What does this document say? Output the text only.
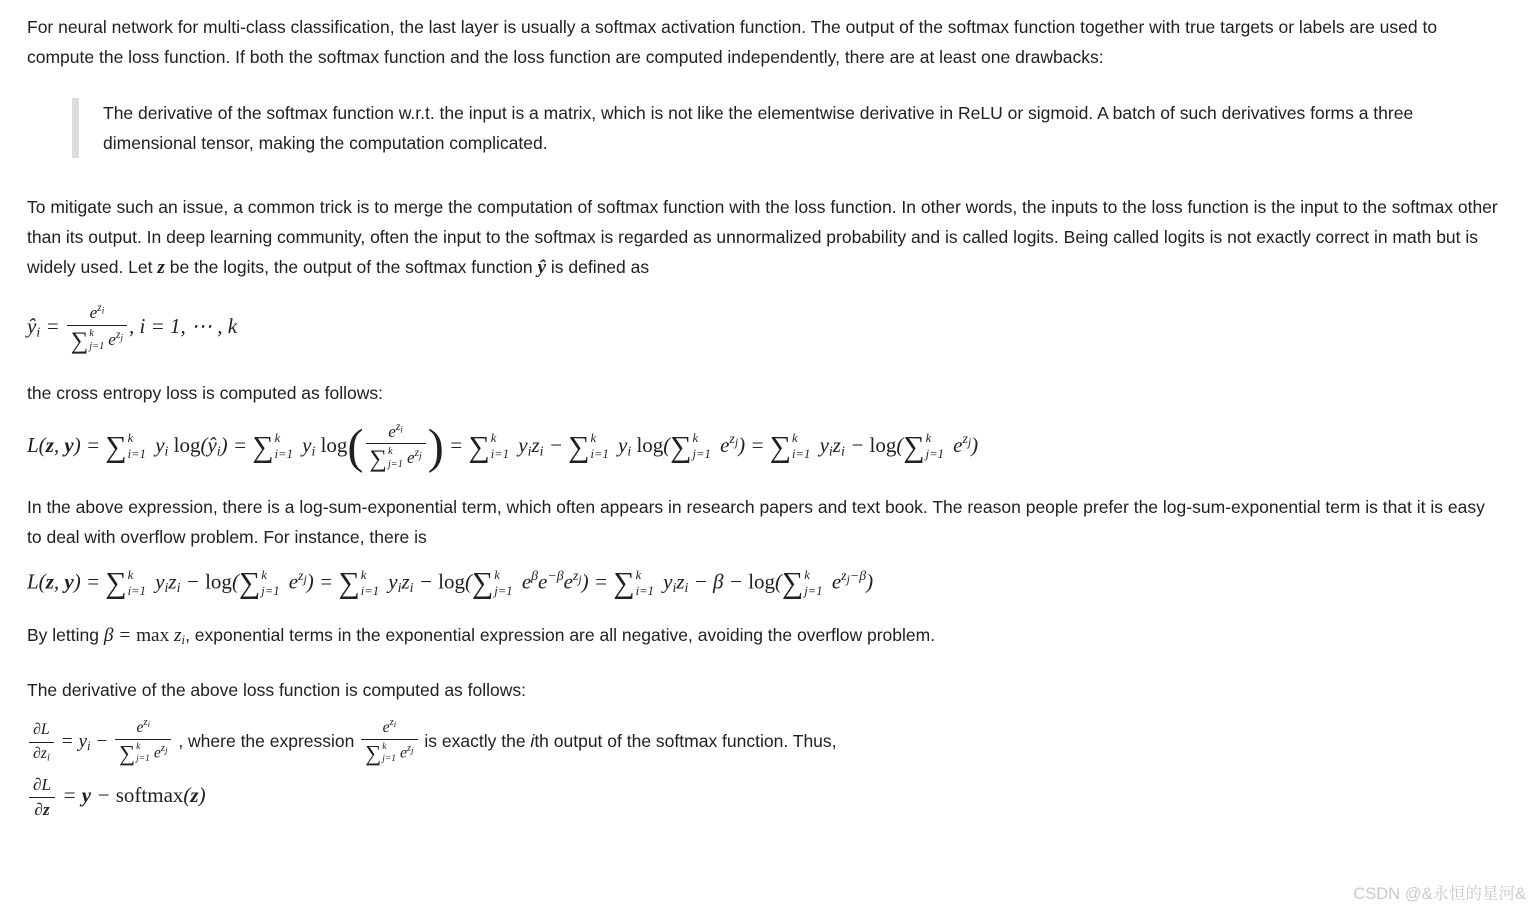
For neural network for multi-class classification, the last layer is usually a softmax activation function. The output of the softmax function together with true targets or labels are used to compute the loss function. If both the softmax function and the loss function are computed independently, there are at least one drawbacks:

The derivative of the softmax function w.r.t. the input is a matrix, which is not like the elementwise derivative in ReLU or sigmoid. A batch of such derivatives forms a three dimensional tensor, making the computation complicated.

To mitigate such an issue, a common trick is to merge the computation of softmax function with the loss function. In other words, the inputs to the loss function is the input to the softmax other than its output. In deep learning community, often the input to the softmax is regarded as unnormalized probability and is called logits. Being called logits is not exactly correct in math but is widely used. Let z be the logits, the output of the softmax function ŷ is defined as

$ŷ_i = e^{z_i}$
∑ k
j=1 $e^{z_j}$ , i = 1, ⋯ , k

the cross entropy loss is computed as follows:

L(z, y) = ∑ k
i=1 $y_i$ $\log(ŷ_i)$ = ∑ k
i=1 $y_i$ log( $e^{z_i}$
∑ k
j=1 $e^{z_j}$ ) = ∑ k
i=1 $y_iz_i$ − ∑ k
i=1 $y_i$ log(∑ k
j=1 $e^{z_j}$) = ∑ k
i=1 $y_iz_i - \log(\sum$ k
j=1 $e^{z_j}$)

In the above expression, there is a log-sum-exponential term, which often appears in research papers and text book. The reason people prefer the log-sum-exponential term is that it is easy to deal with overflow problem. For instance, there is

L(z, y) = ∑ k
i=1 $y_iz_i - \log(\sum$ k
j=1 $e^{z_j}$) = ∑ k
i=1 $y_iz_i - \log(\sum$ k
j=1 $e^\beta e^{-\beta}e^{z_j}$) = ∑ k
i=1 $y_iz_i - \beta - \log(\sum$ k
j=1 $e^{z_j-\beta}$)

By letting $\beta = \max z_i$, exponential terms in the exponential expression are all negative, avoiding the overflow problem.

The derivative of the above loss function is computed as follows:

$\frac{\partial L}{\partial z_i} = y_i - e^{z_i}$
∑ k
j=1 $e^{z_j}$ , where the expression $e^{z_i}$
∑ k
j=1 $e^{z_j}$ is exactly the ith output of the softmax function. Thus,

$\frac{\partial L}{\partial z} = y$ − softmax(z)
CSDN @&永恒的星河&
